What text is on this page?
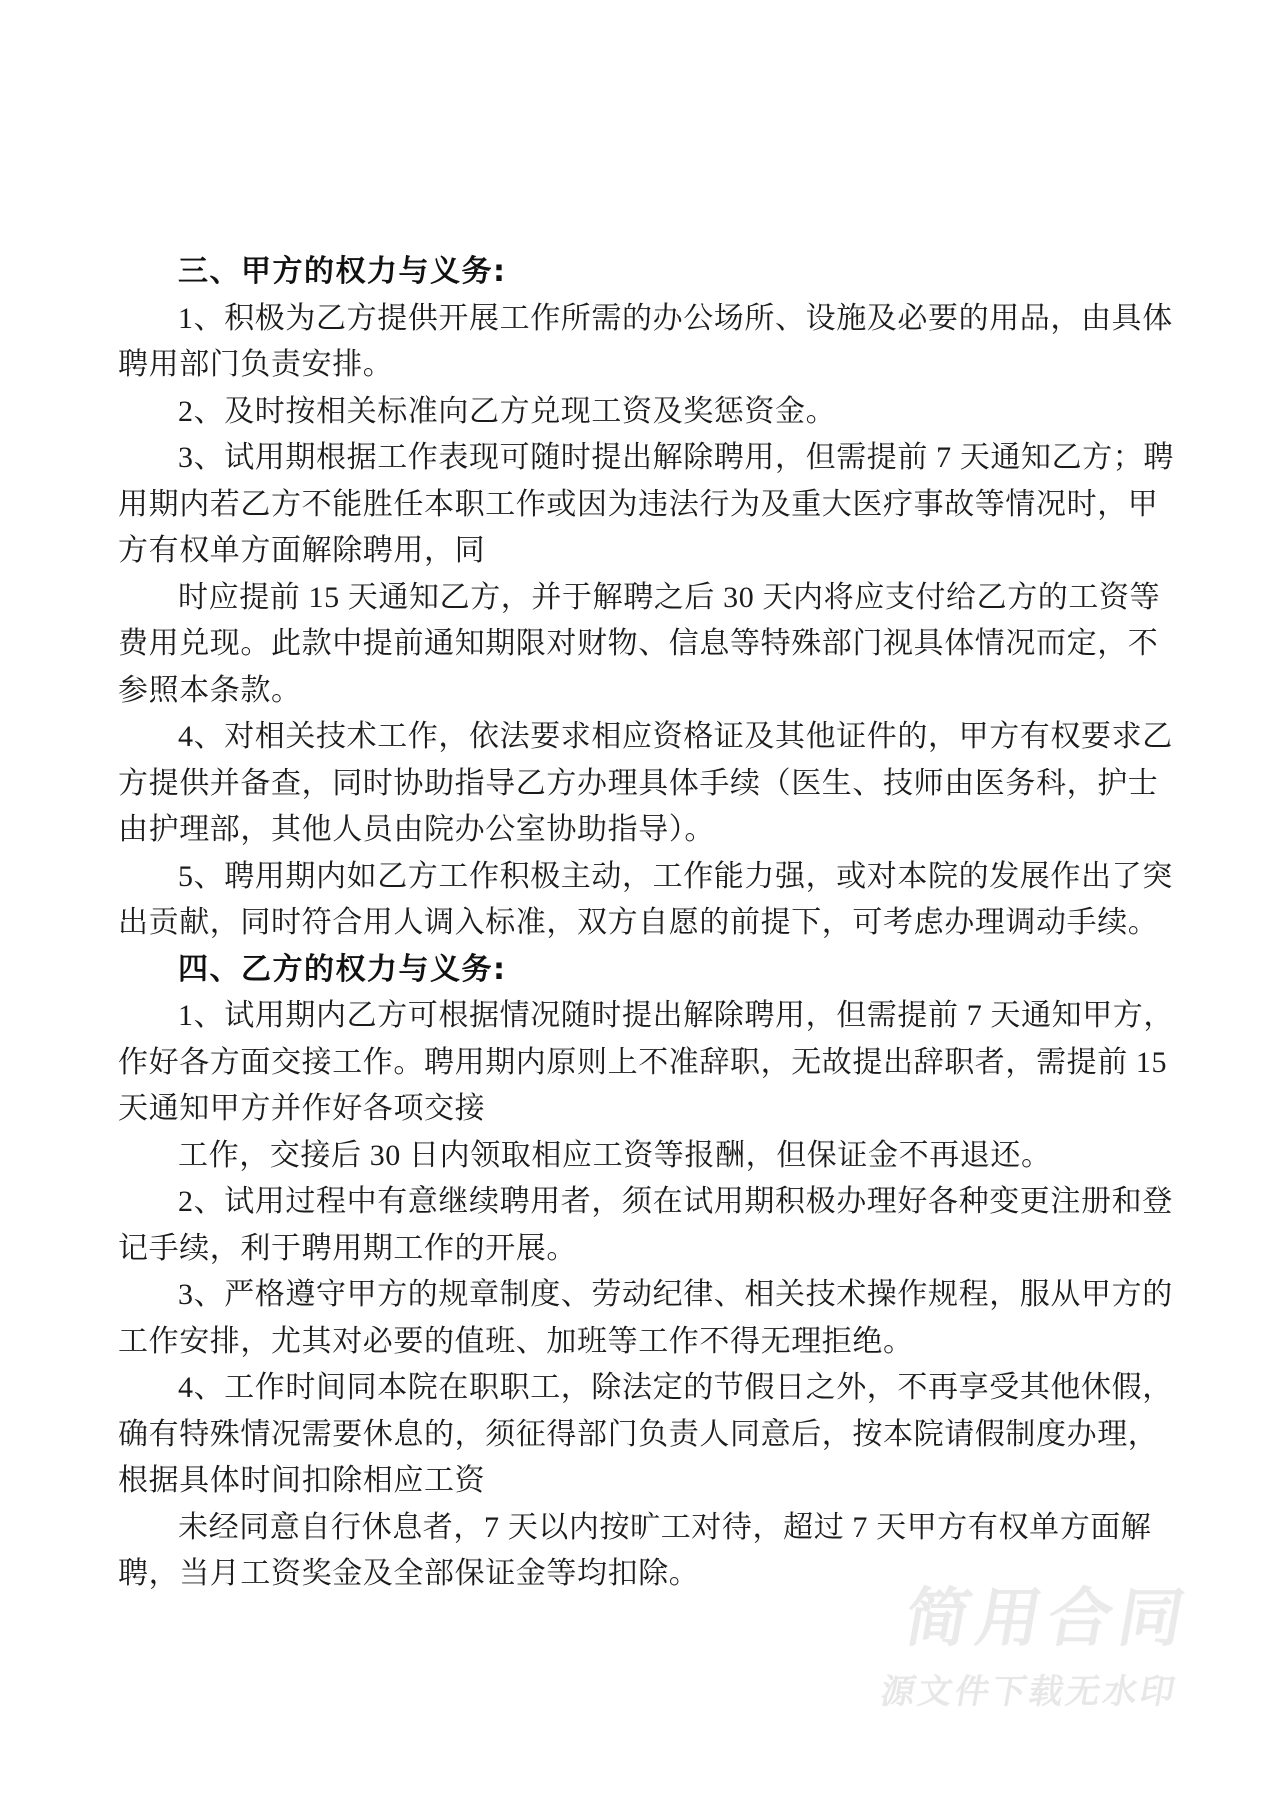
三、甲方的权力与义务:
1、积极为乙方提供开展工作所需的办公场所、设施及必要的用品，由具体
聘用部门负责安排。
2、及时按相关标准向乙方兑现工资及奖惩资金。
3、试用期根据工作表现可随时提出解除聘用，但需提前 7 天通知乙方；聘
用期内若乙方不能胜任本职工作或因为违法行为及重大医疗事故等情况时，甲
方有权单方面解除聘用，同
时应提前 15 天通知乙方，并于解聘之后 30 天内将应支付给乙方的工资等
费用兑现。此款中提前通知期限对财物、信息等特殊部门视具体情况而定，不
参照本条款。
4、对相关技术工作，依法要求相应资格证及其他证件的，甲方有权要求乙
方提供并备查，同时协助指导乙方办理具体手续（医生、技师由医务科，护士
由护理部，其他人员由院办公室协助指导）。
5、聘用期内如乙方工作积极主动，工作能力强，或对本院的发展作出了突
出贡献，同时符合用人调入标准，双方自愿的前提下，可考虑办理调动手续。
四、乙方的权力与义务:
1、试用期内乙方可根据情况随时提出解除聘用，但需提前 7 天通知甲方，
作好各方面交接工作。聘用期内原则上不准辞职，无故提出辞职者，需提前 15
天通知甲方并作好各项交接
工作，交接后 30 日内领取相应工资等报酬，但保证金不再退还。
2、试用过程中有意继续聘用者，须在试用期积极办理好各种变更注册和登
记手续，利于聘用期工作的开展。
3、严格遵守甲方的规章制度、劳动纪律、相关技术操作规程，服从甲方的
工作安排，尤其对必要的值班、加班等工作不得无理拒绝。
4、工作时间同本院在职职工，除法定的节假日之外，不再享受其他休假，
确有特殊情况需要休息的，须征得部门负责人同意后，按本院请假制度办理，
根据具体时间扣除相应工资
未经同意自行休息者，7 天以内按旷工对待，超过 7 天甲方有权单方面解
聘，当月工资奖金及全部保证金等均扣除。
简用合同
源文件下载无水印
